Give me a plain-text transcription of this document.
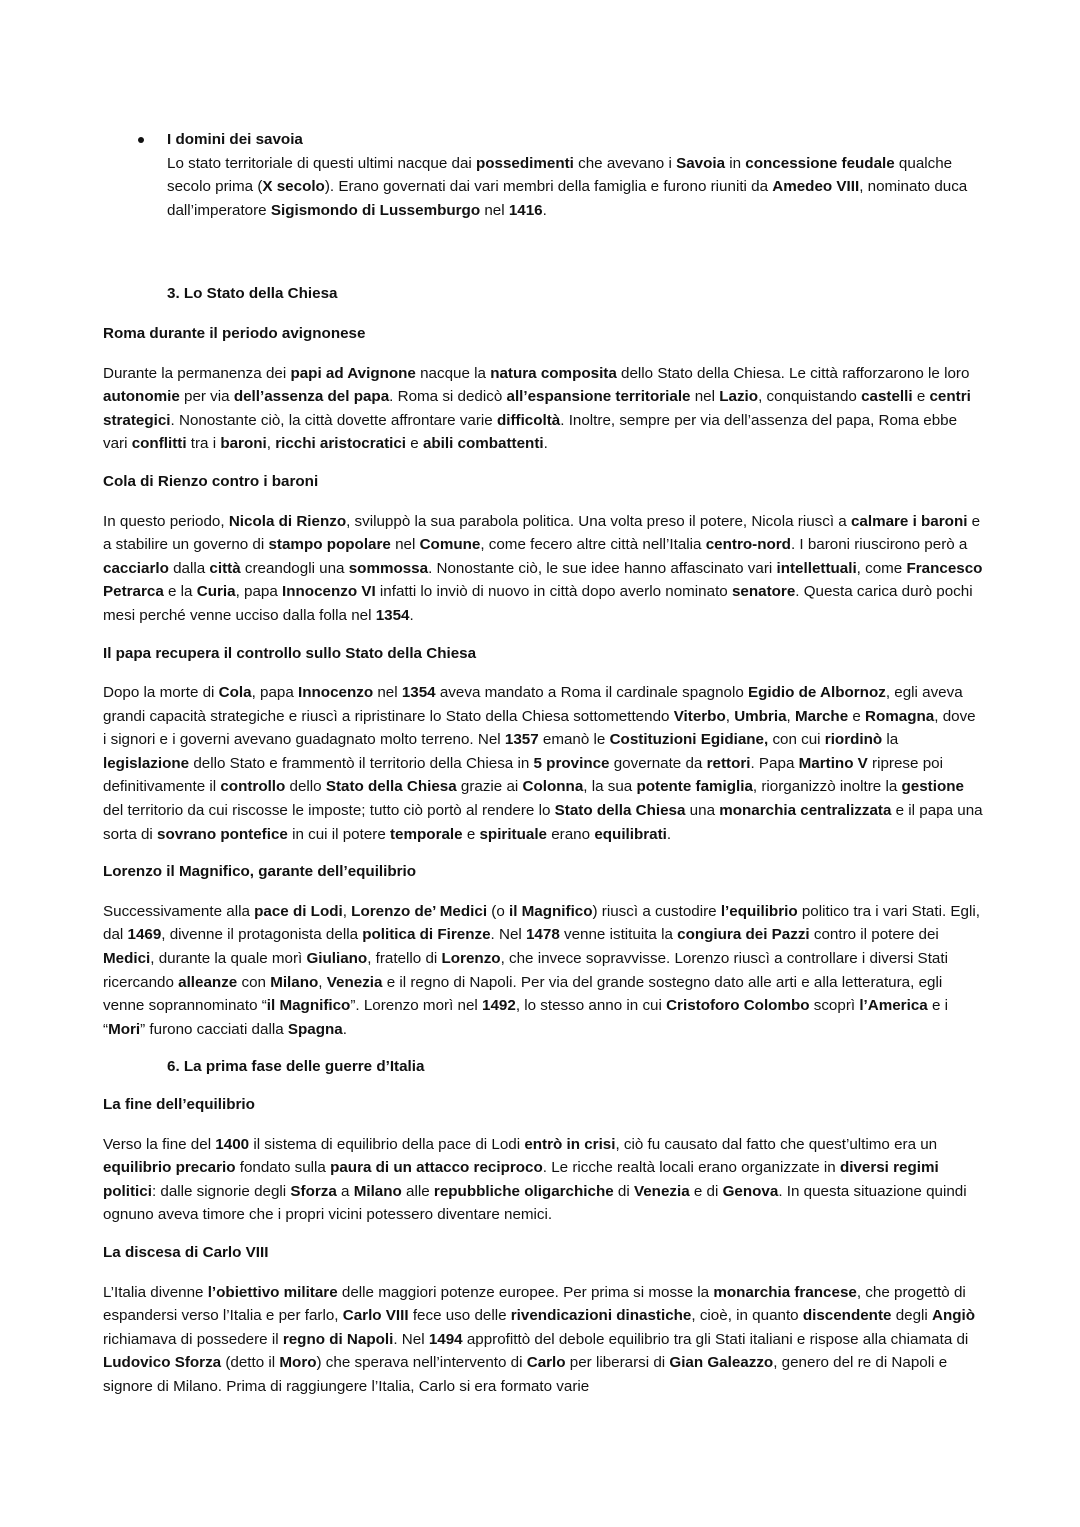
I domini dei savoia

Lo stato territoriale di questi ultimi nacque dai possedimenti che avevano i Savoia in concessione feudale qualche secolo prima (X secolo). Erano governati dai vari membri della famiglia e furono riuniti da Amedeo VIII, nominato duca dall’imperatore Sigismondo di Lussemburgo nel 1416.

3. Lo Stato della Chiesa

Roma durante il periodo avignonese

Durante la permanenza dei papi ad Avignone nacque la natura composita dello Stato della Chiesa. Le città rafforzarono le loro autonomie per via dell’assenza del papa. Roma si dedicò all’espansione territoriale nel Lazio, conquistando castelli e centri strategici. Nonostante ciò, la città dovette affrontare varie difficoltà. Inoltre, sempre per via dell’assenza del papa, Roma ebbe vari conflitti tra i baroni, ricchi aristocratici e abili combattenti.

Cola di Rienzo contro i baroni

In questo periodo, Nicola di Rienzo, sviluppò la sua parabola politica. Una volta preso il potere, Nicola riuscì a calmare i baroni e a stabilire un governo di stampo popolare nel Comune, come fecero altre città nell’Italia centro-nord. I baroni riuscirono però a cacciarlo dalla città creandogli una sommossa. Nonostante ciò, le sue idee hanno affascinato vari intellettuali, come Francesco Petrarca e la Curia, papa Innocenzo VI infatti lo inviò di nuovo in città dopo averlo nominato senatore. Questa carica durò pochi mesi perché venne ucciso dalla folla nel 1354.

Il papa recupera il controllo sullo Stato della Chiesa

Dopo la morte di Cola, papa Innocenzo nel 1354 aveva mandato a Roma il cardinale spagnolo Egidio de Albornoz, egli aveva grandi capacità strategiche e riuscì a ripristinare lo Stato della Chiesa sottomettendo Viterbo, Umbria, Marche e Romagna, dove i signori e i governi avevano guadagnato molto terreno. Nel 1357 emanò le Costituzioni Egidiane, con cui riordinò la legislazione dello Stato e frammentò il territorio della Chiesa in 5 province governate da rettori. Papa Martino V riprese poi definitivamente il controllo dello Stato della Chiesa grazie ai Colonna, la sua potente famiglia, riorganizzò inoltre la gestione del territorio da cui riscosse le imposte; tutto ciò portò al rendere lo Stato della Chiesa una monarchia centralizzata e il papa una sorta di sovrano pontefice in cui il potere temporale e spirituale erano equilibrati.

Lorenzo il Magnifico, garante dell’equilibrio

Successivamente alla pace di Lodi, Lorenzo de’ Medici (o il Magnifico) riuscì a custodire l’equilibrio politico tra i vari Stati. Egli, dal 1469, divenne il protagonista della politica di Firenze. Nel 1478 venne istituita la congiura dei Pazzi contro il potere dei Medici, durante la quale morì Giuliano, fratello di Lorenzo, che invece sopravvisse. Lorenzo riuscì a controllare i diversi Stati ricercando alleanze con Milano, Venezia e il regno di Napoli. Per via del grande sostegno dato alle arti e alla letteratura, egli venne soprannominato “il Magnifico”. Lorenzo morì nel 1492, lo stesso anno in cui Cristoforo Colombo scoprì l’America e i “Mori” furono cacciati dalla Spagna.

6. La prima fase delle guerre d’Italia

La fine dell’equilibrio

Verso la fine del 1400 il sistema di equilibrio della pace di Lodi entrò in crisi, ciò fu causato dal fatto che quest’ultimo era un equilibrio precario fondato sulla paura di un attacco reciproco. Le ricche realtà locali erano organizzate in diversi regimi politici: dalle signorie degli Sforza a Milano alle repubbliche oligarchiche di Venezia e di Genova. In questa situazione quindi ognuno aveva timore che i propri vicini potessero diventare nemici.

La discesa di Carlo VIII

L’Italia divenne l’obiettivo militare delle maggiori potenze europee. Per prima si mosse la monarchia francese, che progettò di espandersi verso l’Italia e per farlo, Carlo VIII fece uso delle rivendicazioni dinastiche, cioè, in quanto discendente degli Angiò richiamava di possedere il regno di Napoli. Nel 1494 approfittò del debole equilibrio tra gli Stati italiani e rispose alla chiamata di Ludovico Sforza (detto il Moro) che sperava nell’intervento di Carlo per liberarsi di Gian Galeazzo, genero del re di Napoli e signore di Milano. Prima di raggiungere l’Italia, Carlo si era formato varie
